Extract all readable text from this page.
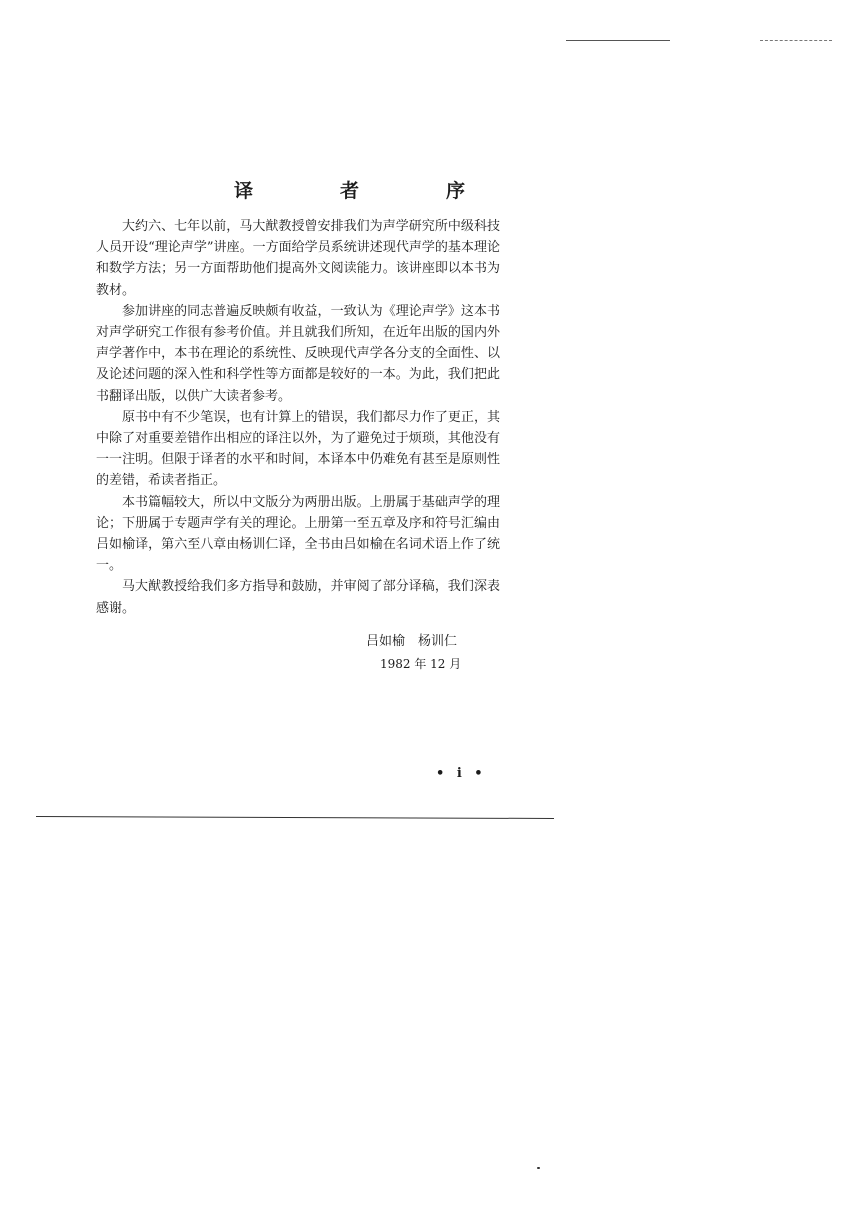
译　者　序

大约六、七年以前，马大猷教授曾安排我们为声学研究所中级科技人员开设“理论声学”讲座。一方面给学员系统讲述现代声学的基本理论和数学方法；另一方面帮助他们提高外文阅读能力。该讲座即以本书为教材。

参加讲座的同志普遍反映颇有收益，一致认为《理论声学》这本书对声学研究工作很有参考价值。并且就我们所知，在近年出版的国内外声学著作中，本书在理论的系统性、反映现代声学各分支的全面性、以及论述问题的深入性和科学性等方面都是较好的一本。为此，我们把此书翻译出版，以供广大读者参考。

原书中有不少笔误，也有计算上的错误，我们都尽力作了更正，其中除了对重要差错作出相应的译注以外，为了避免过于烦琐，其他没有一一注明。但限于译者的水平和时间，本译本中仍难免有甚至是原则性的差错，希读者指正。

本书篇幅较大，所以中文版分为两册出版。上册属于基础声学的理论；下册属于专题声学有关的理论。上册第一至五章及序和符号汇编由吕如榆译，第六至八章由杨训仁译，全书由吕如榆在名词术语上作了统一。

马大猷教授给我们多方指导和鼓励，并审阅了部分译稿，我们深表感谢。

吕如榆　杨训仁
1982 年 12 月
• i •
